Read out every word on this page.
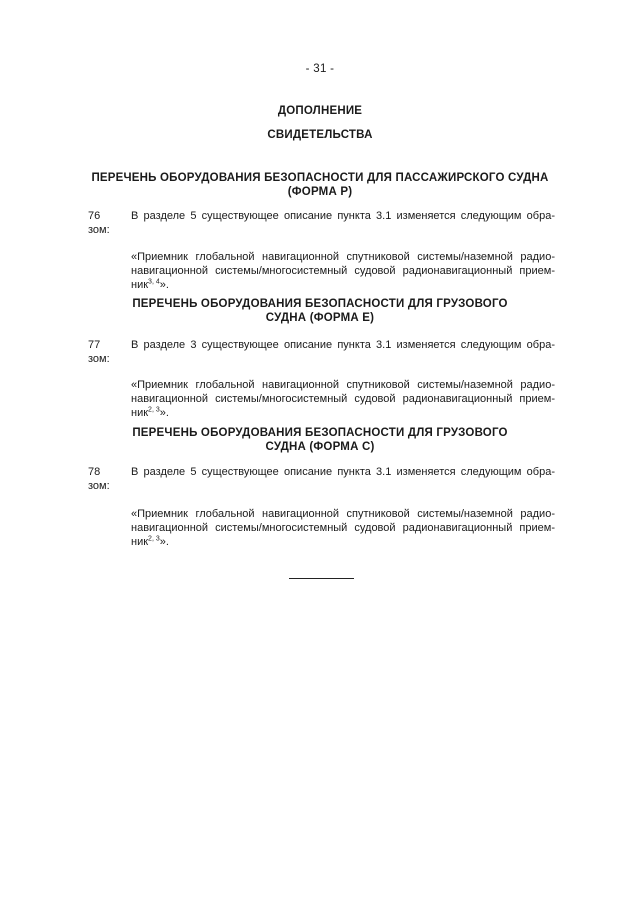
- 31 -
ДОПОЛНЕНИЕ
СВИДЕТЕЛЬСТВА
ПЕРЕЧЕНЬ ОБОРУДОВАНИЯ БЕЗОПАСНОСТИ ДЛЯ ПАССАЖИРСКОГО СУДНА
(ФОРМА P)
76	В разделе 5 существующее описание пункта 3.1 изменяется следующим обра-
зом:
«Приемник глобальной навигационной спутниковой системы/наземной радио-
навигационной системы/многосистемный судовой радионавигационный прием-
ник$^{3, 4}$».
ПЕРЕЧЕНЬ ОБОРУДОВАНИЯ БЕЗОПАСНОСТИ ДЛЯ ГРУЗОВОГО
СУДНА (ФОРМА E)
77	В разделе 3 существующее описание пункта 3.1 изменяется следующим обра-
зом:
«Приемник глобальной навигационной спутниковой системы/наземной радио-
навигационной системы/многосистемный судовой радионавигационный прием-
ник$^{2, 3}$».
ПЕРЕЧЕНЬ ОБОРУДОВАНИЯ БЕЗОПАСНОСТИ ДЛЯ ГРУЗОВОГО
СУДНА (ФОРМА C)
78	В разделе 5 существующее описание пункта 3.1 изменяется следующим обра-
зом:
«Приемник глобальной навигационной спутниковой системы/наземной радио-
навигационной системы/многосистемный судовой радионавигационный прием-
ник$^{2, 3}$».
